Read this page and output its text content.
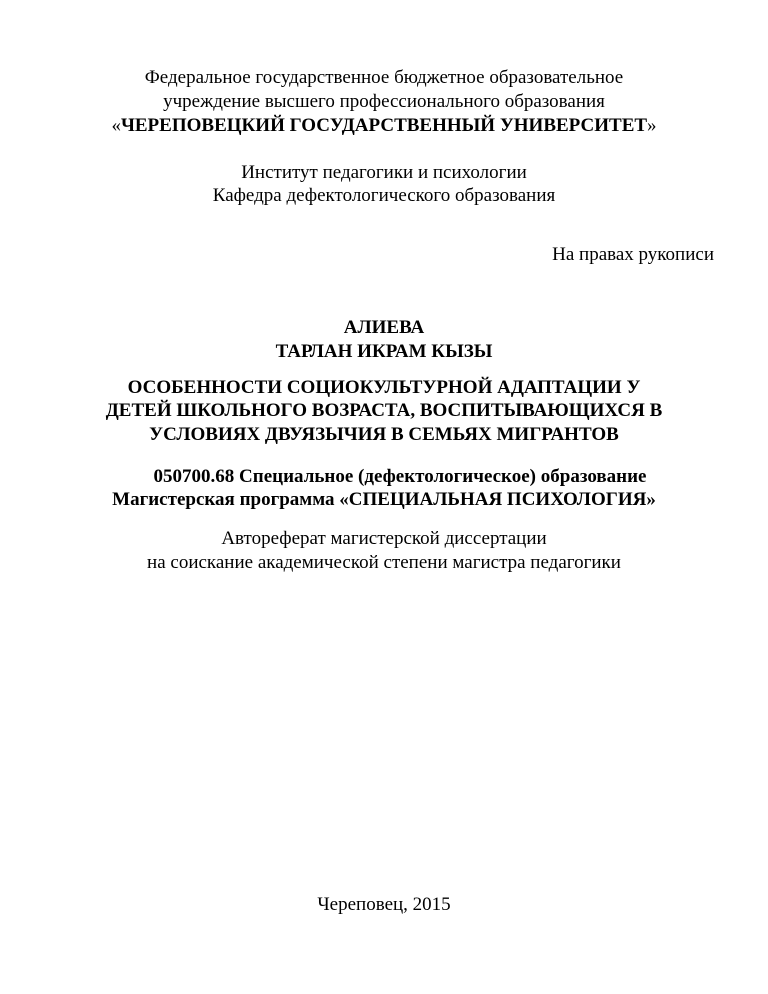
Федеральное государственное бюджетное образовательное
учреждение высшего профессионального образования
«ЧЕРЕПОВЕЦКИЙ ГОСУДАРСТВЕННЫЙ УНИВЕРСИТЕТ»
Институт педагогики и психологии
Кафедра дефектологического образования
На правах рукописи
АЛИЕВА
ТАРЛАН ИКРАМ КЫЗЫ
ОСОБЕННОСТИ СОЦИОКУЛЬТУРНОЙ АДАПТАЦИИ У
ДЕТЕЙ ШКОЛЬНОГО ВОЗРАСТА, ВОСПИТЫВАЮЩИХСЯ В
УСЛОВИЯХ ДВУЯЗЫЧИЯ В СЕМЬЯХ МИГРАНТОВ
050700.68 Специальное (дефектологическое) образование
Магистерская программа «СПЕЦИАЛЬНАЯ ПСИХОЛОГИЯ»
Автореферат магистерской диссертации
на соискание академической степени магистра педагогики
Череповец, 2015
